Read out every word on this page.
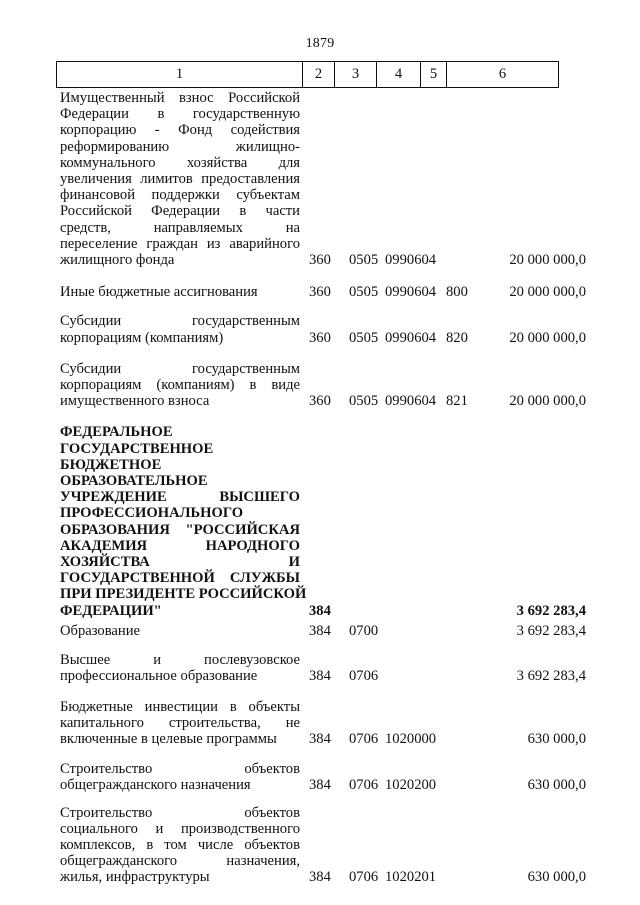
1879
1	2	3	4	5	6
Имущественный взнос Российской
Федерации в государственную
корпорацию - Фонд содействия
реформированию жилищно-
коммунального хозяйства для
увеличения лимитов предоставления
финансовой поддержки субъектам
Российской Федерации в части
средств, направляемых на
переселение граждан из аварийного
жилищного фонда	360 0505 0990604	20 000 000,0
Иные бюджетные ассигнования	360 0505 0990604 800	20 000 000,0
Субсидии государственным
корпорациям (компаниям)	360 0505 0990604 820	20 000 000,0
Субсидии государственным
корпорациям (компаниям) в виде
имущественного взноса	360 0505 0990604 821	20 000 000,0
ФЕДЕРАЛЬНОЕ
ГОСУДАРСТВЕННОЕ
БЮДЖЕТНОЕ
ОБРАЗОВАТЕЛЬНОЕ
УЧРЕЖДЕНИЕ ВЫСШЕГО
ПРОФЕССИОНАЛЬНОГО
ОБРАЗОВАНИЯ "РОССИЙСКАЯ
АКАДЕМИЯ НАРОДНОГО
ХОЗЯЙСТВА И
ГОСУДАРСТВЕННОЙ СЛУЖБЫ
ПРИ ПРЕЗИДЕНТЕ РОССИЙСКОЙ
ФЕДЕРАЦИИ"	384	3 692 283,4
Образование	384 0700	3 692 283,4
Высшее и послевузовское
профессиональное образование	384 0706	3 692 283,4
Бюджетные инвестиции в объекты
капитального строительства, не
включенные в целевые программы	384 0706 1020000	630 000,0
Строительство объектов
общегражданского назначения	384 0706 1020200	630 000,0
Строительство объектов
социального и производственного
комплексов, в том числе объектов
общегражданского назначения,
жилья, инфраструктуры	384 0706 1020201	630 000,0
